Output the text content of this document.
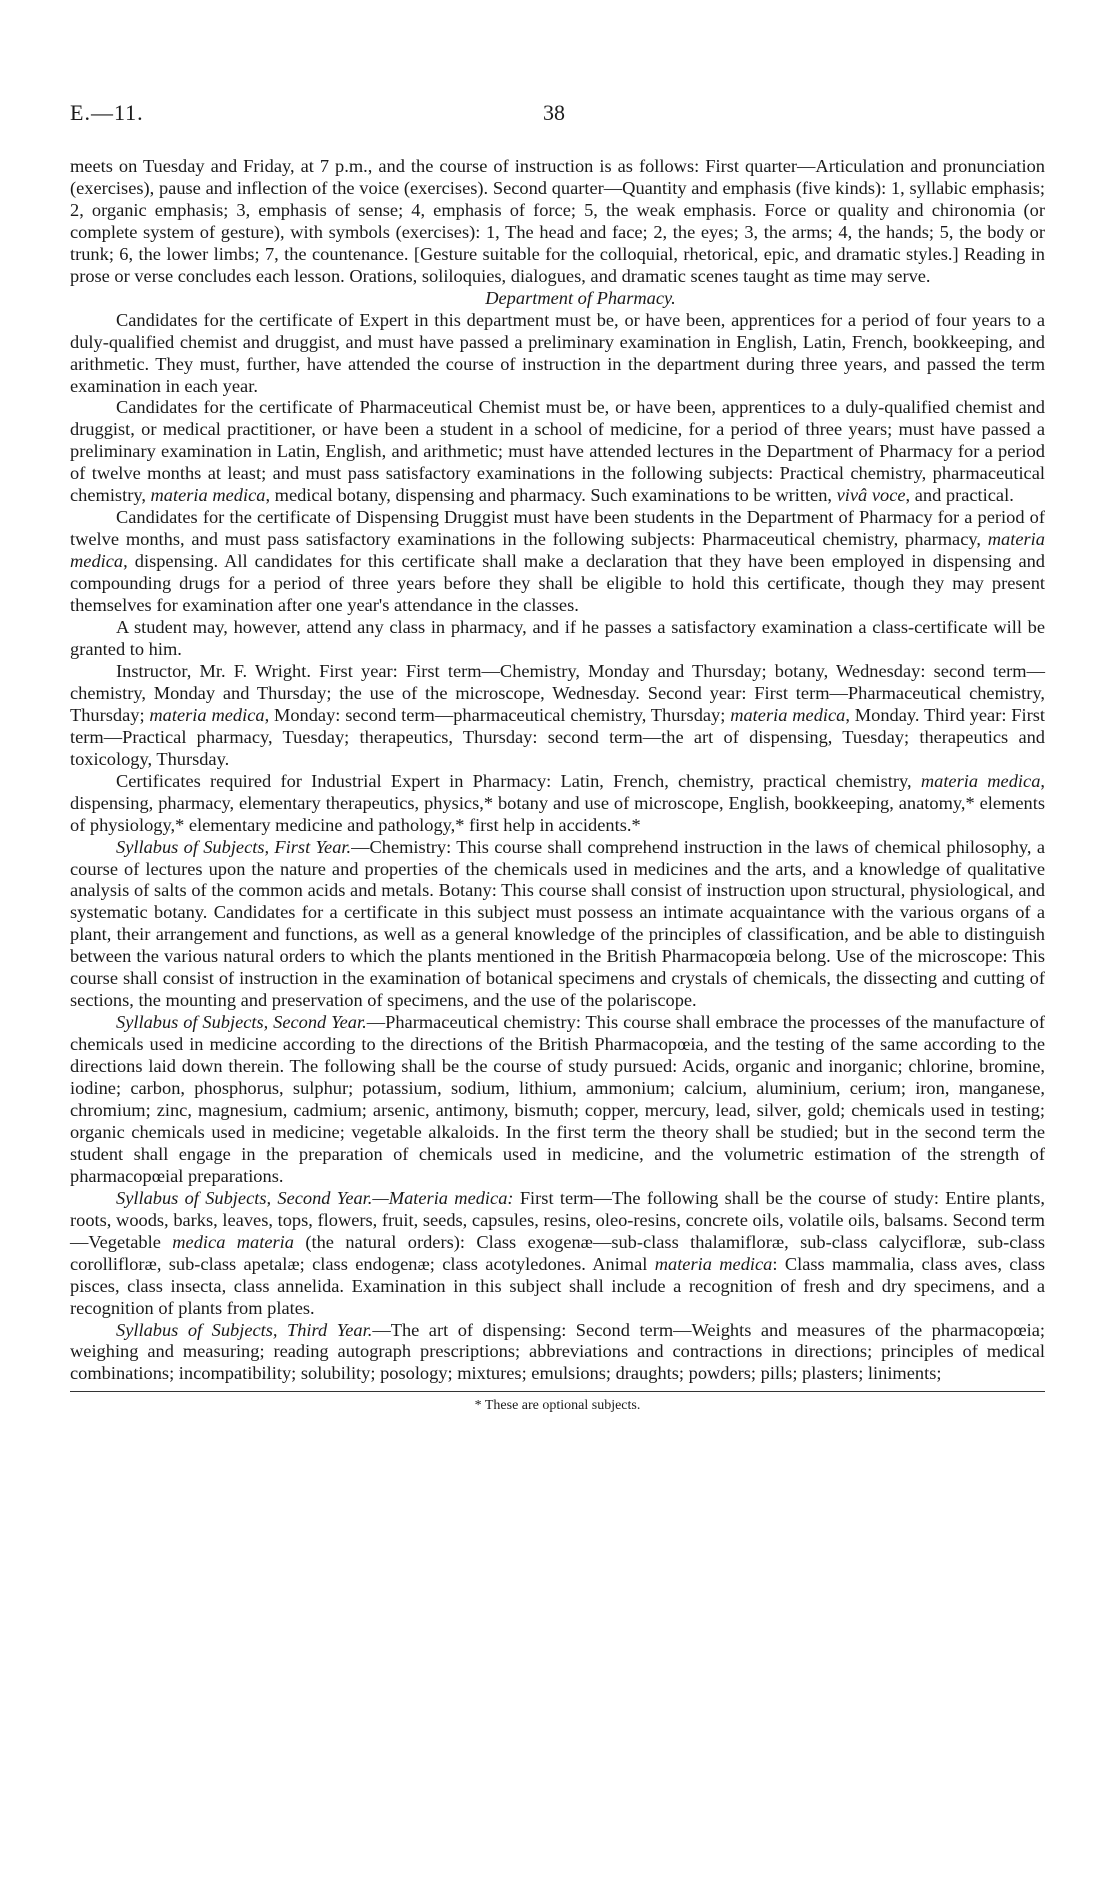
E.—11.	38

meets on Tuesday and Friday, at 7 p.m., and the course of instruction is as follows: First quarter—Articulation and pronunciation (exercises), pause and inflection of the voice (exercises). Second quarter—Quantity and emphasis (five kinds): 1, syllabic emphasis; 2, organic emphasis; 3, emphasis of sense; 4, emphasis of force; 5, the weak emphasis. Force or quality and chironomia (or complete system of gesture), with symbols (exercises): 1, The head and face; 2, the eyes; 3, the arms; 4, the hands; 5, the body or trunk; 6, the lower limbs; 7, the countenance. [Gesture suitable for the colloquial, rhetorical, epic, and dramatic styles.] Reading in prose or verse concludes each lesson. Orations, soliloquies, dialogues, and dramatic scenes taught as time may serve.

Department of Pharmacy.

Candidates for the certificate of Expert in this department must be, or have been, apprentices for a period of four years to a duly-qualified chemist and druggist, and must have passed a preliminary examination in English, Latin, French, bookkeeping, and arithmetic. They must, further, have attended the course of instruction in the department during three years, and passed the term examination in each year.

Candidates for the certificate of Pharmaceutical Chemist must be, or have been, apprentices to a duly-qualified chemist and druggist, or medical practitioner, or have been a student in a school of medicine, for a period of three years; must have passed a preliminary examination in Latin, English, and arithmetic; must have attended lectures in the Department of Pharmacy for a period of twelve months at least; and must pass satisfactory examinations in the following subjects: Practical chemistry, pharmaceutical chemistry, materia medica, medical botany, dispensing and pharmacy. Such examinations to be written, vivâ voce, and practical.

Candidates for the certificate of Dispensing Druggist must have been students in the Department of Pharmacy for a period of twelve months, and must pass satisfactory examinations in the following subjects: Pharmaceutical chemistry, pharmacy, materia medica, dispensing. All candidates for this certificate shall make a declaration that they have been employed in dispensing and compounding drugs for a period of three years before they shall be eligible to hold this certificate, though they may present themselves for examination after one year's attendance in the classes.

A student may, however, attend any class in pharmacy, and if he passes a satisfactory examination a class-certificate will be granted to him.

Instructor, Mr. F. Wright. First year: First term—Chemistry, Monday and Thursday; botany, Wednesday: second term—chemistry, Monday and Thursday; the use of the microscope, Wednesday. Second year: First term—Pharmaceutical chemistry, Thursday; materia medica, Monday: second term—pharmaceutical chemistry, Thursday; materia medica, Monday. Third year: First term—Practical pharmacy, Tuesday; therapeutics, Thursday: second term—the art of dispensing, Tuesday; therapeutics and toxicology, Thursday.

Certificates required for Industrial Expert in Pharmacy: Latin, French, chemistry, practical chemistry, materia medica, dispensing, pharmacy, elementary therapeutics, physics,* botany and use of microscope, English, bookkeeping, anatomy,* elements of physiology,* elementary medicine and pathology,* first help in accidents.*

Syllabus of Subjects, First Year.—Chemistry: This course shall comprehend instruction in the laws of chemical philosophy, a course of lectures upon the nature and properties of the chemicals used in medicines and the arts, and a knowledge of qualitative analysis of salts of the common acids and metals. Botany: This course shall consist of instruction upon structural, physiological, and systematic botany. Candidates for a certificate in this subject must possess an intimate acquaintance with the various organs of a plant, their arrangement and functions, as well as a general knowledge of the principles of classification, and be able to distinguish between the various natural orders to which the plants mentioned in the British Pharmacopœia belong. Use of the microscope: This course shall consist of instruction in the examination of botanical specimens and crystals of chemicals, the dissecting and cutting of sections, the mounting and preservation of specimens, and the use of the polariscope.

Syllabus of Subjects, Second Year.—Pharmaceutical chemistry: This course shall embrace the processes of the manufacture of chemicals used in medicine according to the directions of the British Pharmacopœia, and the testing of the same according to the directions laid down therein. The following shall be the course of study pursued: Acids, organic and inorganic; chlorine, bromine, iodine; carbon, phosphorus, sulphur; potassium, sodium, lithium, ammonium; calcium, aluminium, cerium; iron, manganese, chromium; zinc, magnesium, cadmium; arsenic, antimony, bismuth; copper, mercury, lead, silver, gold; chemicals used in testing; organic chemicals used in medicine; vegetable alkaloids. In the first term the theory shall be studied; but in the second term the student shall engage in the preparation of chemicals used in medicine, and the volumetric estimation of the strength of pharmacopœial preparations.

Syllabus of Subjects, Second Year.—Materia medica: First term—The following shall be the course of study: Entire plants, roots, woods, barks, leaves, tops, flowers, fruit, seeds, capsules, resins, oleo-resins, concrete oils, volatile oils, balsams. Second term—Vegetable medica materia (the natural orders): Class exogenæ—sub-class thalamifloræ, sub-class calycifloræ, sub-class corollifloræ, sub-class apetalæ; class endogenæ; class acotyledones. Animal materia medica: Class mammalia, class aves, class pisces, class insecta, class annelida. Examination in this subject shall include a recognition of fresh and dry specimens, and a recognition of plants from plates.

Syllabus of Subjects, Third Year.—The art of dispensing: Second term—Weights and measures of the pharmacopœia; weighing and measuring; reading autograph prescriptions; abbreviations and contractions in directions; principles of medical combinations; incompatibility; solubility; posology; mixtures; emulsions; draughts; powders; pills; plasters; liniments;

* These are optional subjects.
